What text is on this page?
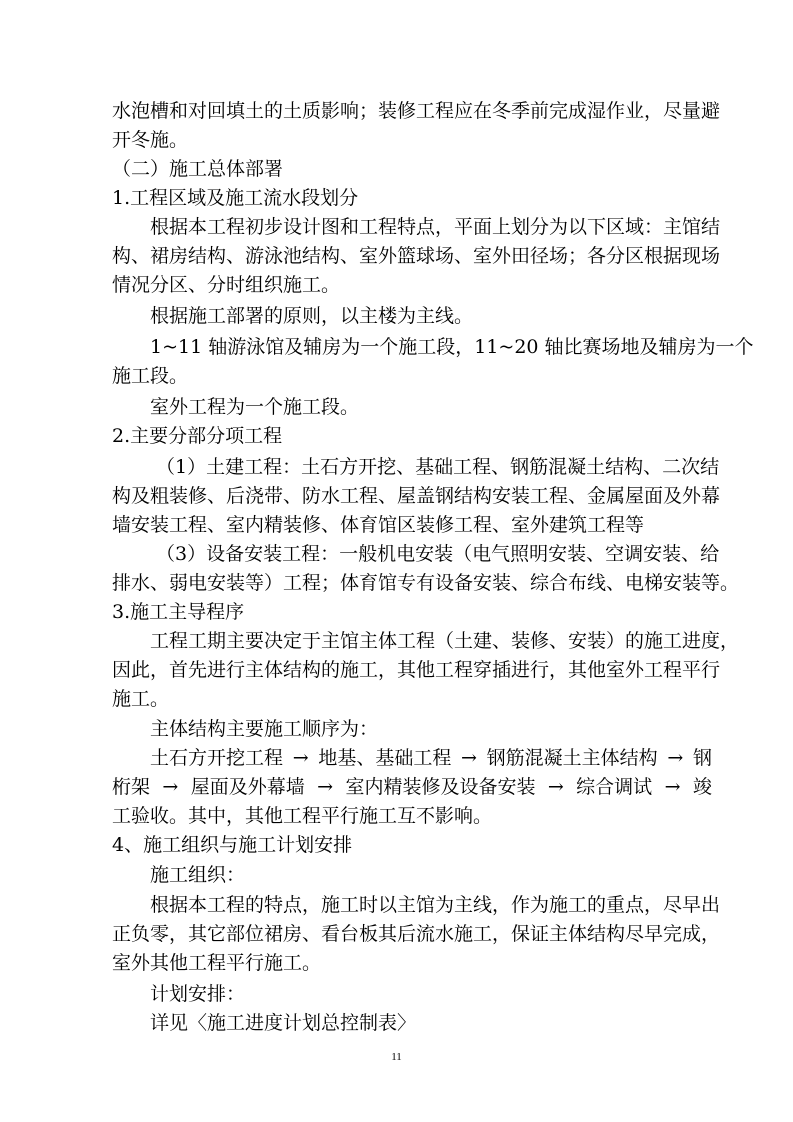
水泡槽和对回填土的土质影响；装修工程应在冬季前完成湿作业，尽量避

开冬施。

（二）施工总体部署

1.工程区域及施工流水段划分

根据本工程初步设计图和工程特点，平面上划分为以下区域：主馆结

构、裙房结构、游泳池结构、室外篮球场、室外田径场；各分区根据现场

情况分区、分时组织施工。

根据施工部署的原则，以主楼为主线。

1~11 轴游泳馆及辅房为一个施工段，11~20 轴比赛场地及辅房为一个

施工段。

室外工程为一个施工段。

2.主要分部分项工程

（1）土建工程：土石方开挖、基础工程、钢筋混凝土结构、二次结

构及粗装修、后浇带、防水工程、屋盖钢结构安装工程、金属屋面及外幕

墙安装工程、室内精装修、体育馆区装修工程、室外建筑工程等

（3）设备安装工程：一般机电安装（电气照明安装、空调安装、给

排水、弱电安装等）工程；体育馆专有设备安装、综合布线、电梯安装等。

3.施工主导程序

工程工期主要决定于主馆主体工程（土建、装修、安装）的施工进度，

因此，首先进行主体结构的施工，其他工程穿插进行，其他室外工程平行

施工。

主体结构主要施工顺序为：

土石方开挖工程 → 地基、基础工程 → 钢筋混凝土主体结构 → 钢

桁架 → 屋面及外幕墙 → 室内精装修及设备安装 → 综合调试 → 竣

工验收。其中，其他工程平行施工互不影响。

4、施工组织与施工计划安排

施工组织：

根据本工程的特点，施工时以主馆为主线，作为施工的重点，尽早出

正负零，其它部位裙房、看台板其后流水施工，保证主体结构尽早完成，

室外其他工程平行施工。

计划安排：

详见〈施工进度计划总控制表〉

11
